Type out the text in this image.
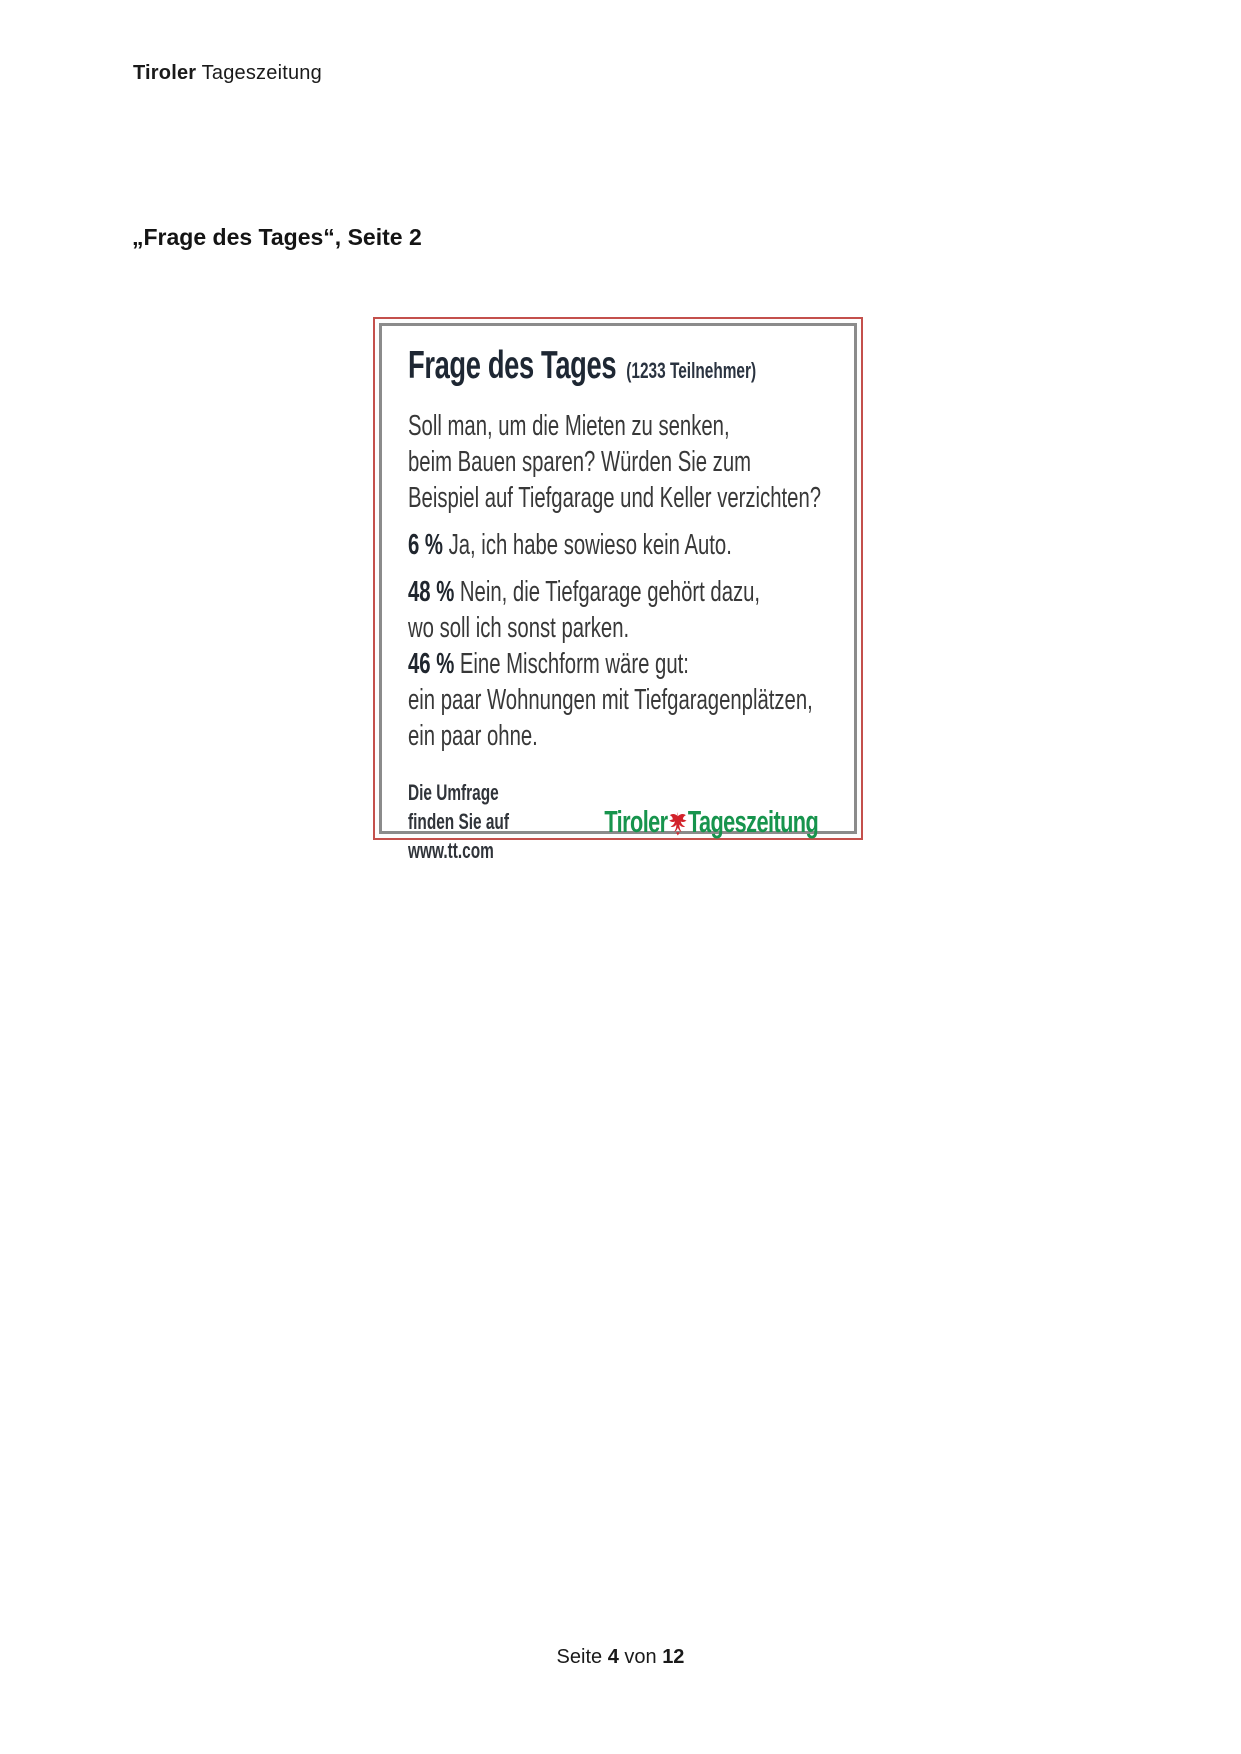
Tiroler Tageszeitung
„Frage des Tages“, Seite 2
Frage des Tages (1233 Teilnehmer)
Soll man, um die Mieten zu senken,
beim Bauen sparen? Würden Sie zum
Beispiel auf Tiefgarage und Keller verzichten?
6 % Ja, ich habe sowieso kein Auto.
48 % Nein, die Tiefgarage gehört dazu,
wo soll ich sonst parken.
46 % Eine Mischform wäre gut:
ein paar Wohnungen mit Tiefgaragenplätzen,
ein paar ohne.
Die Umfrage
finden Sie auf
www.tt.com
Tiroler Tageszeitung
Seite 4 von 12
